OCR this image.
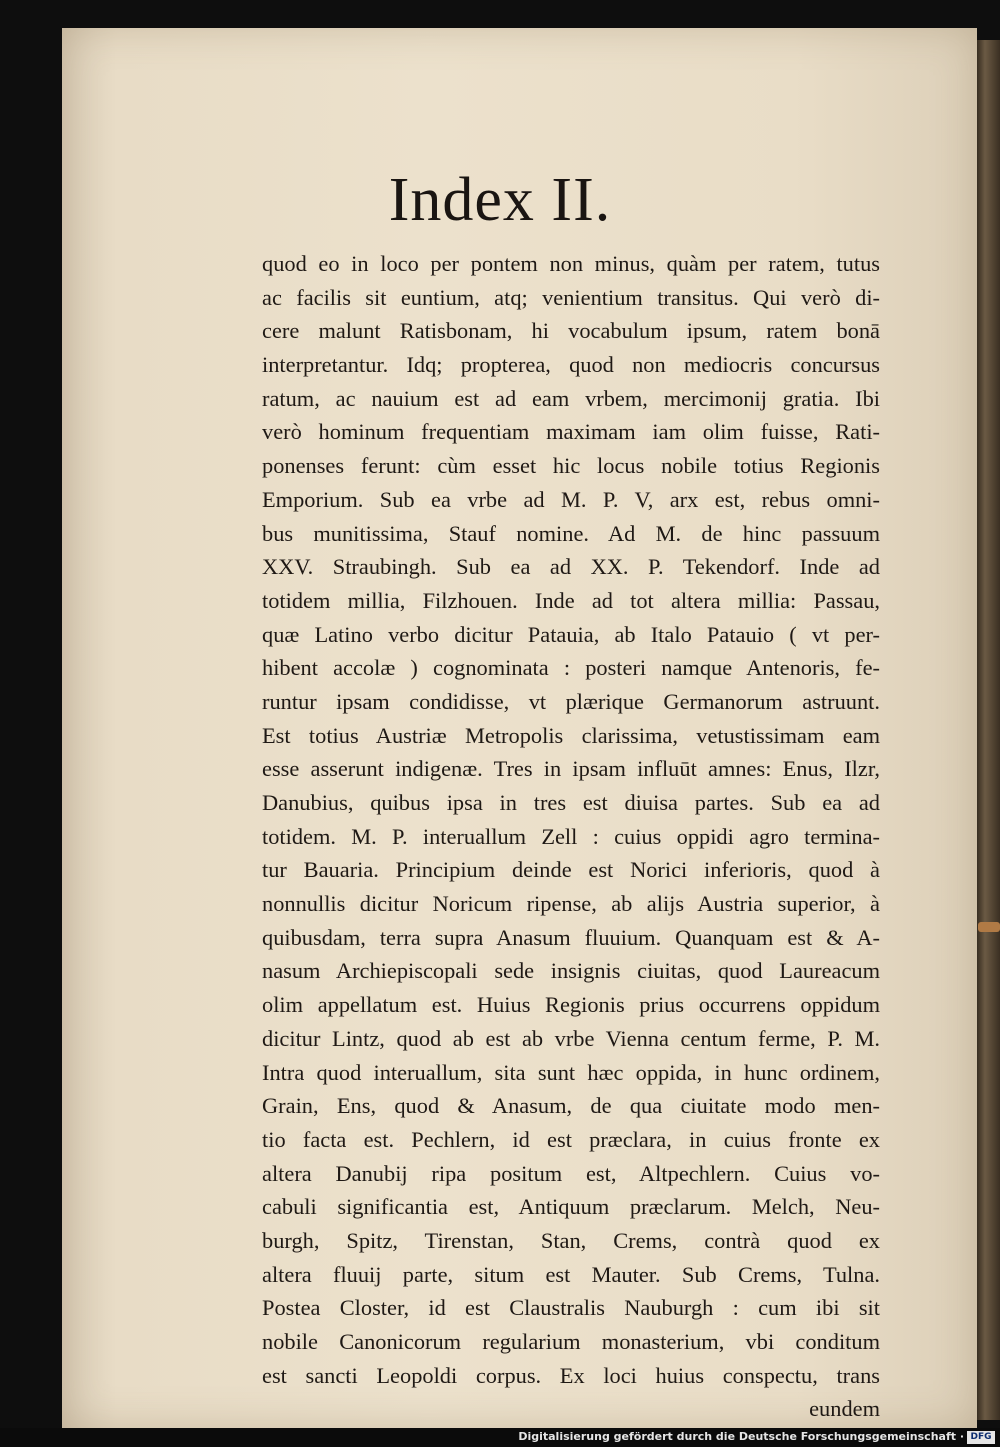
Index II.
quod eo in loco per pontem non minus, quàm per ratem, tutus
ac facilis sit euntium, atq; venientium transitus. Qui verò di-
cere malunt Ratisbonam, hi vocabulum ipsum, ratem bonā
interpretantur. Idq; propterea, quod non mediocris concursus
ratum, ac nauium est ad eam vrbem, mercimonij gratia. Ibi
verò hominum frequentiam maximam iam olim fuisse, Rati-
ponenses ferunt: cùm esset hic locus nobile totius Regionis
Emporium. Sub ea vrbe ad M. P. V, arx est, rebus omni-
bus munitissima, Stauf nomine. Ad M. de hinc passuum
XXV. Straubingh. Sub ea ad XX. P. Tekendorf. Inde ad
totidem millia, Filzhouen. Inde ad tot altera millia: Passau,
quæ Latino verbo dicitur Patauia, ab Italo Patauio ( vt per-
hibent accolæ ) cognominata : posteri namque Antenoris, fe-
runtur ipsam condidisse, vt plærique Germanorum astruunt.
Est totius Austriæ Metropolis clarissima, vetustissimam eam
esse asserunt indigenæ. Tres in ipsam influūt amnes: Enus, Ilzr,
Danubius, quibus ipsa in tres est diuisa partes. Sub ea ad
totidem. M. P. interuallum Zell : cuius oppidi agro termina-
tur Bauaria. Principium deinde est Norici inferioris, quod à
nonnullis dicitur Noricum ripense, ab alijs Austria superior, à
quibusdam, terra supra Anasum fluuium. Quanquam est & A-
nasum Archiepiscopali sede insignis ciuitas, quod Laureacum
olim appellatum est. Huius Regionis prius occurrens oppidum
dicitur Lintz, quod ab est ab vrbe Vienna centum ferme, P. M.
Intra quod interuallum, sita sunt hæc oppida, in hunc ordinem,
Grain, Ens, quod & Anasum, de qua ciuitate modo men-
tio facta est. Pechlern, id est præclara, in cuius fronte ex
altera Danubij ripa positum est, Altpechlern. Cuius vo-
cabuli significantia est, Antiquum præclarum. Melch, Neu-
burgh, Spitz, Tirenstan, Stan, Crems, contrà quod ex
altera fluuij parte, situm est Mauter. Sub Crems, Tulna.
Postea Closter, id est Claustralis Nauburgh : cum ibi sit
nobile Canonicorum regularium monasterium, vbi conditum
est sancti Leopoldi corpus. Ex loci huius conspectu, trans
eundem
Digitalisierung gefördert durch die Deutsche Forschungsgemeinschaft · DFG
